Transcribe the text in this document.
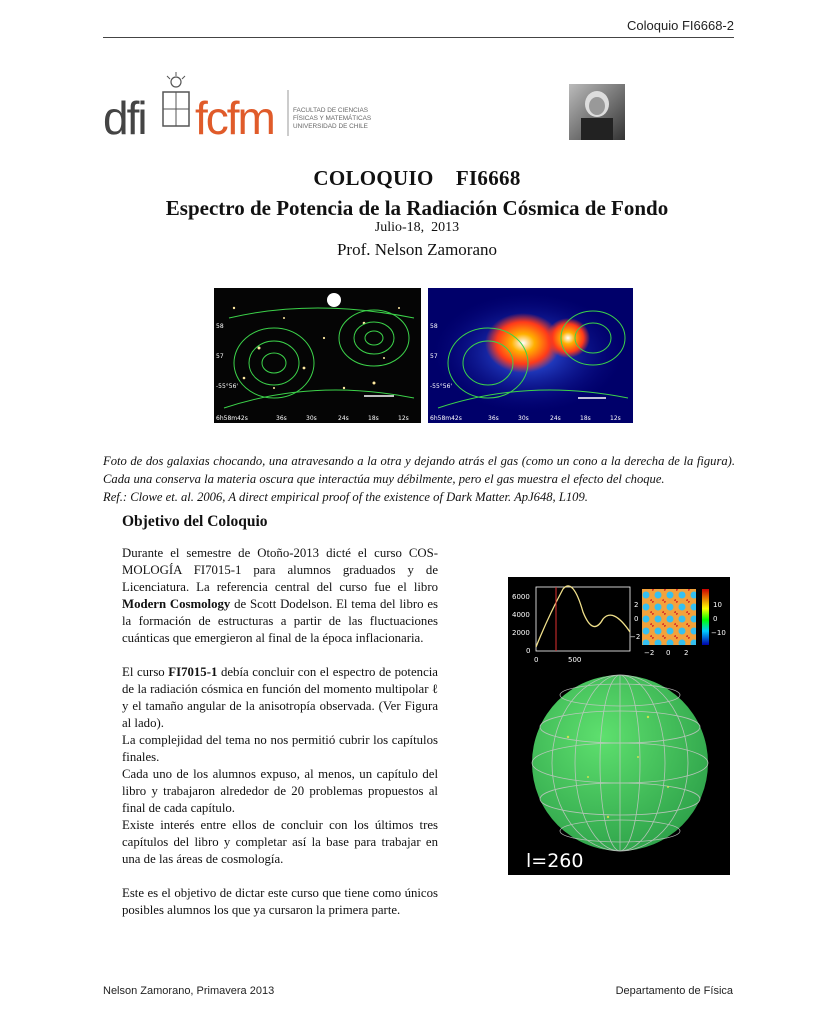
Coloquio FI6668-2
dfi fcfm	FACULTAD DE CIENCIAS
FÍSICAS Y MATEMÁTICAS
UNIVERSIDAD DE CHILE
COLOQUIO    FI6668
Espectro de Potencia de la Radiación Cósmica de Fondo
Julio-18,  2013
Prof. Nelson Zamorano
6h58m42s	36s	30s	24s	18s	12s
58
57
-55°56'
6h58m42s	36s	30s	24s	18s	12s
58
57
-55°56'
Foto de dos galaxias chocando, una atravesando a la otra y dejando atrás el gas (como un cono a la derecha de la figura). Cada una conserva la materia oscura que interactúa muy débilmente, pero el gas muestra el efecto del choque.
Ref.: Clowe et. al. 2006, A direct empirical proof of the existence of Dark Matter. ApJ648, L109.
Objetivo del Coloquio

Durante el semestre de Otoño-2013 dicté el curso COS-MOLOGÍA FI7015-1 para alumnos graduados y de Licenciatura. La referencia central del curso fue el libro Modern Cosmology de Scott Dodelson. El tema del libro es la formación de estructuras a partir de las fluctuaciones cuánticas que emergieron al final de la época inflacionaria.

El curso FI7015-1 debía concluir con el espectro de potencia de la radiación cósmica en función del momento multipolar ℓ y el tamaño angular de la anisotropía observada. (Ver Figura al lado).

La complejidad del tema no nos permitió cubrir los capítulos finales.

Cada uno de los alumnos expuso, al menos, un capítulo del libro y trabajaron alrededor de 20 problemas propuestos al final de cada capítulo.

Existe interés entre ellos de concluir con los últimos tres capítulos del libro y completar así la base para trabajar en una de las áreas de cosmología.

Este es el objetivo de dictar este curso que tiene como únicos posibles alumnos los que ya cursaron la primera parte.

6000
4000
2000
0
0	500
10
0
−10
2
0
−2
−2 0 2
l=260
Nelson Zamorano, Primavera 2013	Departamento de Física
